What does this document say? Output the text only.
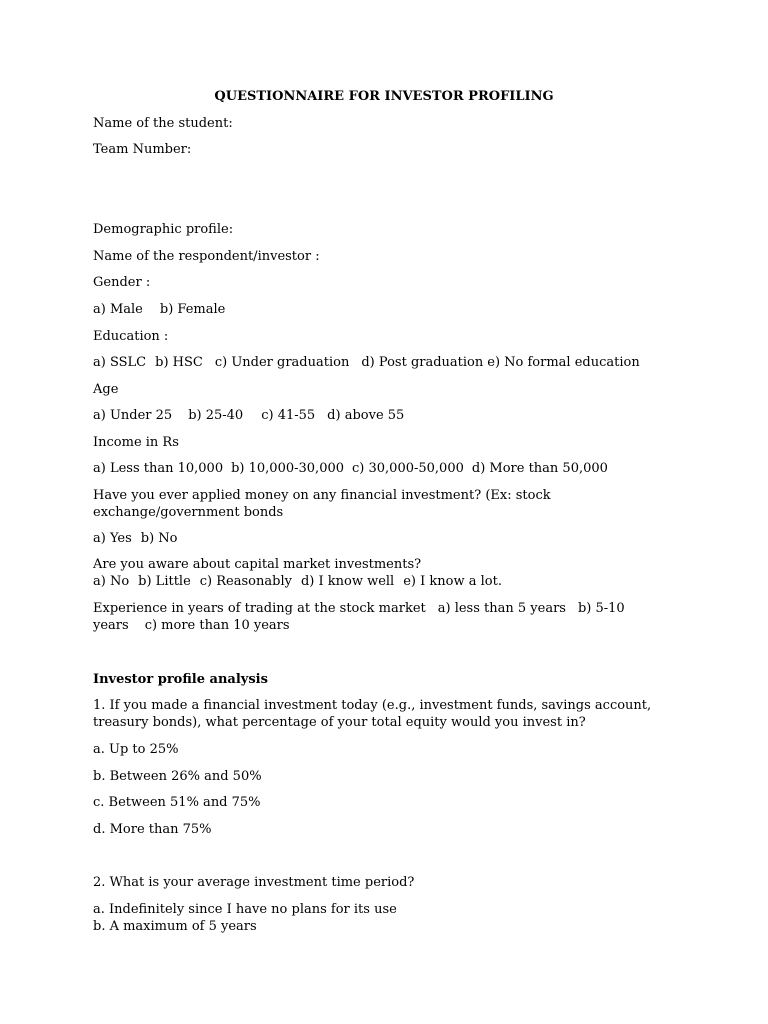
QUESTIONNAIRE FOR INVESTOR PROFILING
Name of the student:
Team Number:
Demographic profile:
Name of the respondent/investor :
Gender :
a) Male b) Female
Education :
a) SSLC b) HSC c) Under graduation d) Post graduation e) No formal education
Age
a) Under 25 b) 25-40 c) 41-55 d) above 55
Income in Rs
a) Less than 10,000 b) 10,000-30,000 c) 30,000-50,000 d) More than 50,000
Have you ever applied money on any financial investment? (Ex: stock exchange/government bonds
a) Yes b) No
Are you aware about capital market investments?
a) No b) Little c) Reasonably d) I know well e) I know a lot.
Experience in years of trading at the stock market a) less than 5 years b) 5-10 years c) more than 10 years
Investor profile analysis
1. If you made a financial investment today (e.g., investment funds, savings account, treasury bonds), what percentage of your total equity would you invest in?
a. Up to 25%
b. Between 26% and 50%
c. Between 51% and 75%
d. More than 75%
2. What is your average investment time period?
a. Indefinitely since I have no plans for its use
b. A maximum of 5 years
